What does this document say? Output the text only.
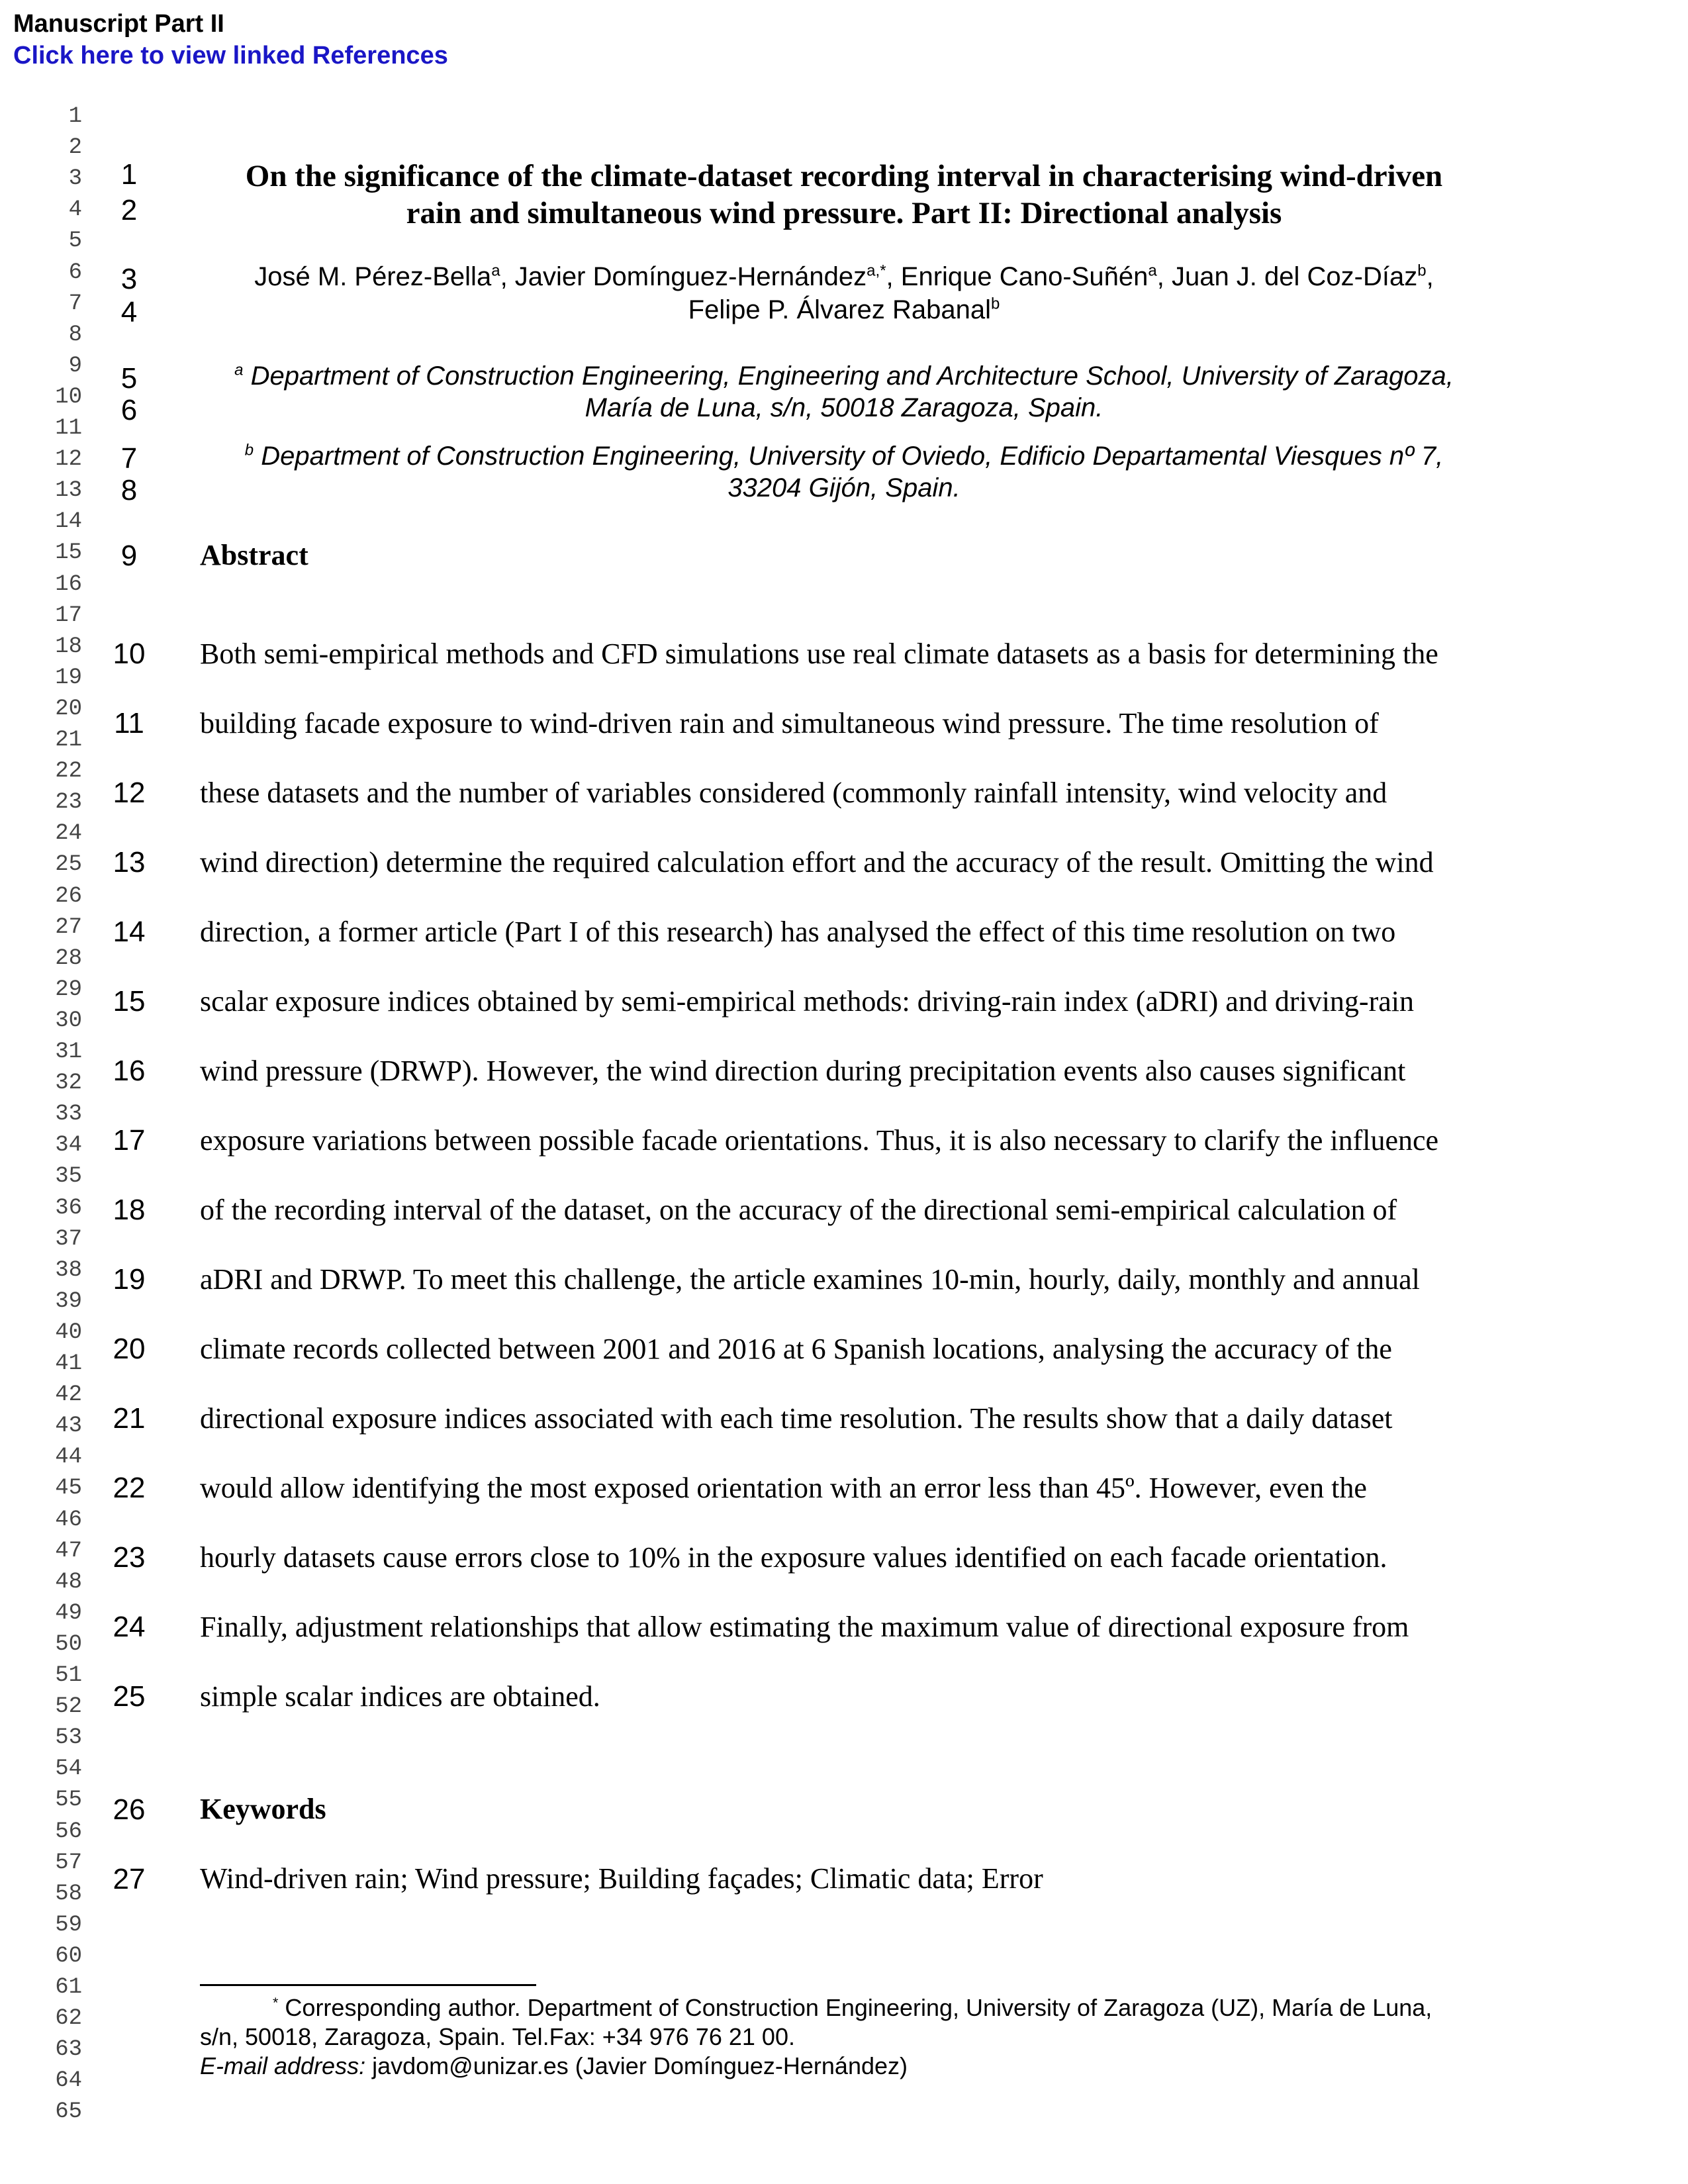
Manuscript Part II
Click here to view linked References
1
2
3
4
5
6
7
8
9
10
11
12
13
14
15
16
17
18
19
20
21
22
23
24
25
26
27
28
29
30
31
32
33
34
35
36
37
38
39
40
41
42
43
44
45
46
47
48
49
50
51
52
53
54
55
56
57
58
59
60
61
62
63
64
65
1
2
3
4
5
6
7
8
9
10
11
12
13
14
15
16
17
18
19
20
21
22
23
24
25
26
27
On the significance of the climate-dataset recording interval in characterising wind-driven
rain and simultaneous wind pressure. Part II: Directional analysis
José M. Pérez-Bella$^a$, Javier Domínguez-Hernández$^{a,*}$, Enrique Cano-Suñén$^a$, Juan J. del Coz-Díaz$^b$,
Felipe P. Álvarez Rabanal$^b$
$^a$ Department of Construction Engineering, Engineering and Architecture School, University of Zaragoza,
María de Luna, s/n, 50018 Zaragoza, Spain.
$^b$ Department of Construction Engineering, University of Oviedo, Edificio Departamental Viesques nº 7,
33204 Gijón, Spain.
Abstract
Both semi-empirical methods and CFD simulations use real climate datasets as a basis for determining the
building facade exposure to wind-driven rain and simultaneous wind pressure. The time resolution of
these datasets and the number of variables considered (commonly rainfall intensity, wind velocity and
wind direction) determine the required calculation effort and the accuracy of the result. Omitting the wind
direction, a former article (Part I of this research) has analysed the effect of this time resolution on two
scalar exposure indices obtained by semi-empirical methods: driving-rain index (aDRI) and driving-rain
wind pressure (DRWP). However, the wind direction during precipitation events also causes significant
exposure variations between possible facade orientations. Thus, it is also necessary to clarify the influence
of the recording interval of the dataset, on the accuracy of the directional semi-empirical calculation of
aDRI and DRWP. To meet this challenge, the article examines 10-min, hourly, daily, monthly and annual
climate records collected between 2001 and 2016 at 6 Spanish locations, analysing the accuracy of the
directional exposure indices associated with each time resolution. The results show that a daily dataset
would allow identifying the most exposed orientation with an error less than 45º. However, even the
hourly datasets cause errors close to 10% in the exposure values identified on each facade orientation.
Finally, adjustment relationships that allow estimating the maximum value of directional exposure from
simple scalar indices are obtained.
Keywords
Wind-driven rain; Wind pressure; Building façades; Climatic data; Error
* Corresponding author. Department of Construction Engineering, University of Zaragoza (UZ), María de Luna,
s/n, 50018, Zaragoza, Spain. Tel.Fax: +34 976 76 21 00.
E-mail address: javdom@unizar.es (Javier Domínguez-Hernández)
